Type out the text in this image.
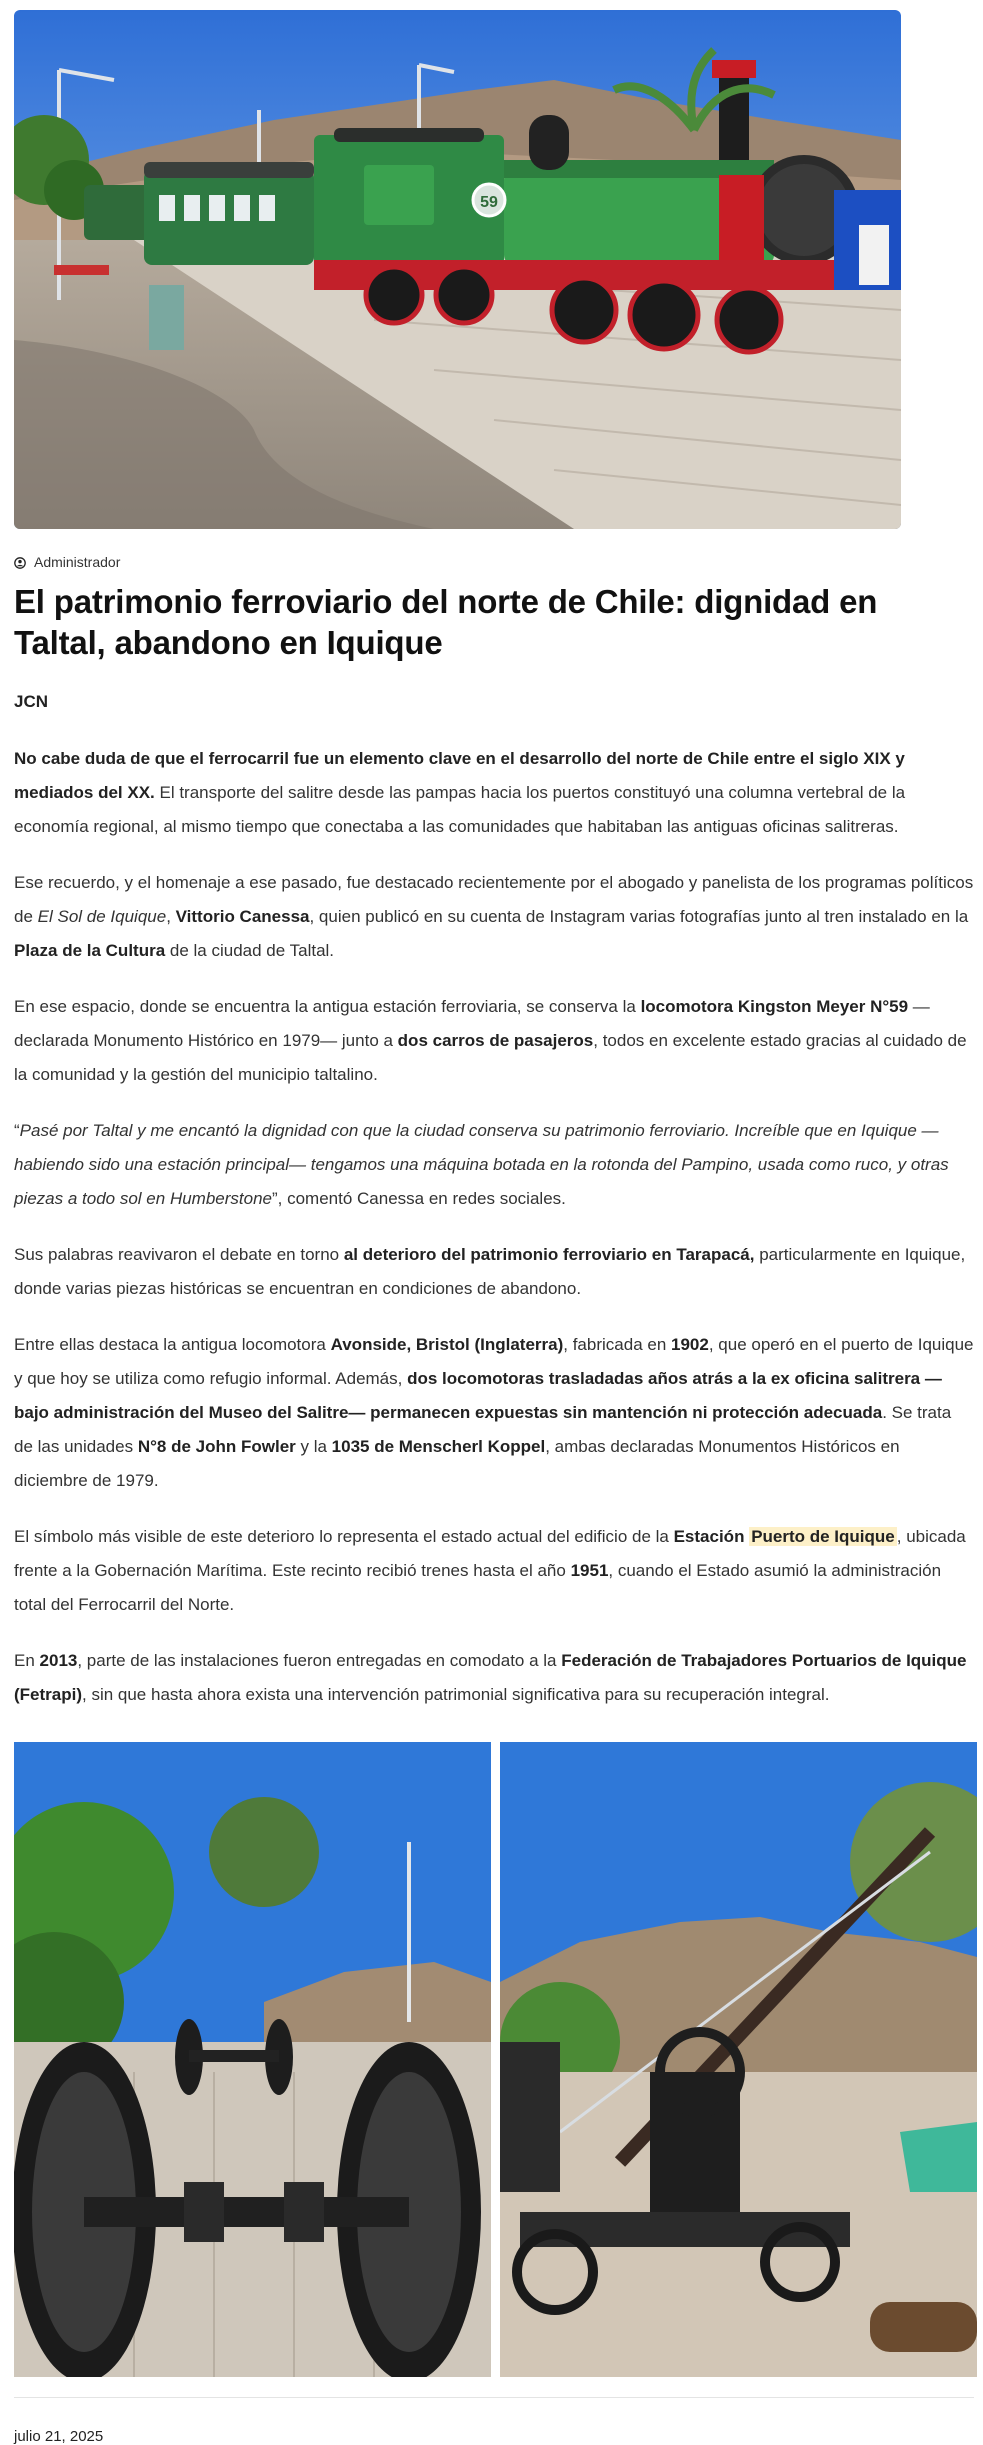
59
Administrador
El patrimonio ferroviario del norte de Chile: dignidad en Taltal, abandono en Iquique
JCN

No cabe duda de que el ferrocarril fue un elemento clave en el desarrollo del norte de Chile entre el siglo XIX y mediados del XX. El transporte del salitre desde las pampas hacia los puertos constituyó una columna vertebral de la economía regional, al mismo tiempo que conectaba a las comunidades que habitaban las antiguas oficinas salitreras.

Ese recuerdo, y el homenaje a ese pasado, fue destacado recientemente por el abogado y panelista de los programas políticos de El Sol de Iquique, Vittorio Canessa, quien publicó en su cuenta de Instagram varias fotografías junto al tren instalado en la Plaza de la Cultura de la ciudad de Taltal.

En ese espacio, donde se encuentra la antigua estación ferroviaria, se conserva la locomotora Kingston Meyer N°59 —declarada Monumento Histórico en 1979— junto a dos carros de pasajeros, todos en excelente estado gracias al cuidado de la comunidad y la gestión del municipio taltalino.

“Pasé por Taltal y me encantó la dignidad con que la ciudad conserva su patrimonio ferroviario. Increíble que en Iquique —habiendo sido una estación principal— tengamos una máquina botada en la rotonda del Pampino, usada como ruco, y otras piezas a todo sol en Humberstone”, comentó Canessa en redes sociales.

Sus palabras reavivaron el debate en torno al deterioro del patrimonio ferroviario en Tarapacá, particularmente en Iquique, donde varias piezas históricas se encuentran en condiciones de abandono.

Entre ellas destaca la antigua locomotora Avonside, Bristol (Inglaterra), fabricada en 1902, que operó en el puerto de Iquique y que hoy se utiliza como refugio informal. Además, dos locomotoras trasladadas años atrás a la ex oficina salitrera —bajo administración del Museo del Salitre— permanecen expuestas sin mantención ni protección adecuada. Se trata de las unidades N°8 de John Fowler y la 1035 de Menscherl Koppel, ambas declaradas Monumentos Históricos en diciembre de 1979.

El símbolo más visible de este deterioro lo representa el estado actual del edificio de la Estación Puerto de Iquique , ubicada frente a la Gobernación Marítima. Este recinto recibió trenes hasta el año 1951, cuando el Estado asumió la administración total del Ferrocarril del Norte.

En 2013, parte de las instalaciones fueron entregadas en comodato a la Federación de Trabajadores Portuarios de Iquique (Fetrapi), sin que hasta ahora exista una intervención patrimonial significativa para su recuperación integral.

julio 21, 2025
